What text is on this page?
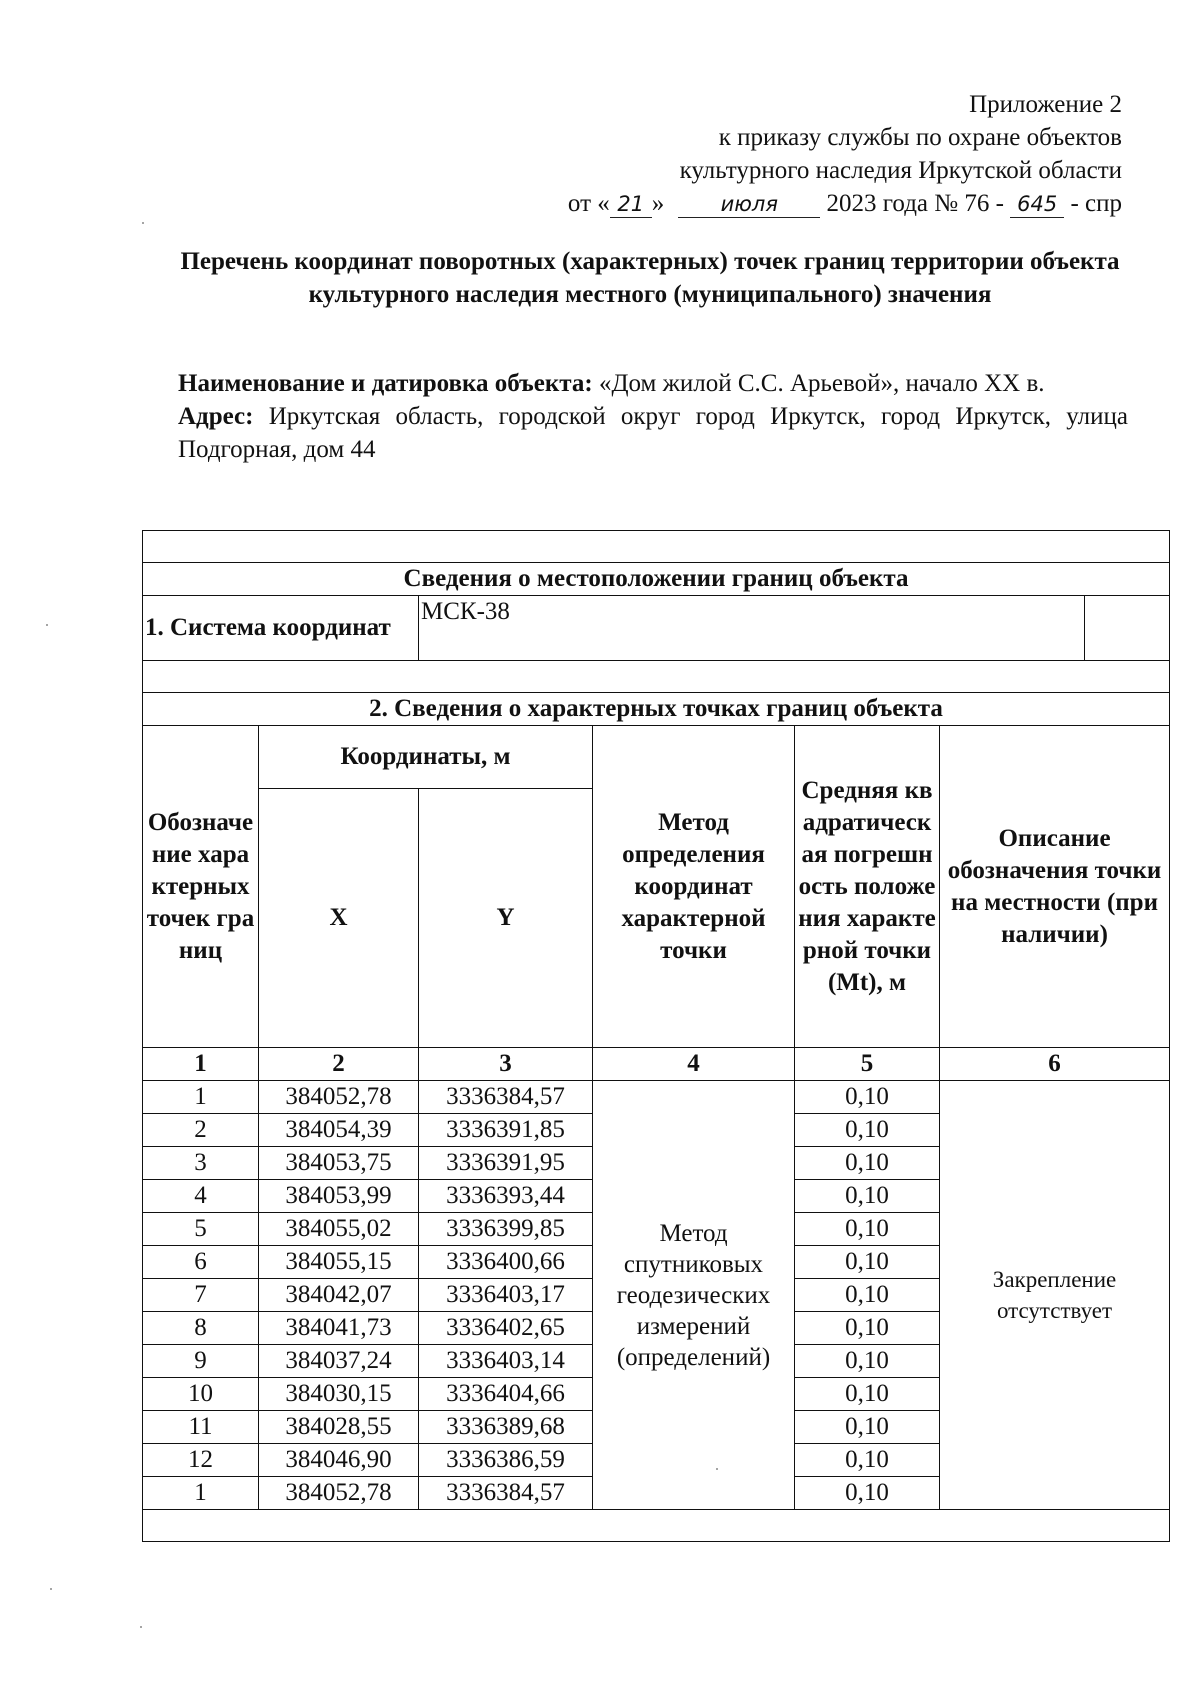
Приложение 2
к приказу службы по охране объектов
культурного наследия Иркутской области
от « 21 »	июля 2023 года № 76 - 645 - спр
Перечень координат поворотных (характерных) точек границ территории объекта культурного наследия местного (муниципального) значения

Наименование и датировка объекта: «Дом жилой С.С. Арьевой», начало XX в.

Адрес: Иркутская область, городской округ город Иркутск, город Иркутск, улица Подгорная, дом 44

Сведения о местоположении границ объекта					
1. Система координат		МСК-38			

2. Сведения о характерных точках границ объекта					
Обозначение характерных точек границ	Координаты, м		Метод определения координат характерной точки	Средняя квадратическая погрешность положения характерной точки (Mt), м	Описание обозначения точки на местности (при наличии)
	X	Y			
1	2	3	4	5	6
1	384052,78	3336384,57	Метод спутниковых геодезических измерений (определений)	0,10	Закрепление отсутствует
2	384054,39	3336391,85		0,10	
3	384053,75	3336391,95		0,10	
4	384053,99	3336393,44		0,10	
5	384055,02	3336399,85		0,10	
6	384055,15	3336400,66		0,10	
7	384042,07	3336403,17		0,10	
8	384041,73	3336402,65		0,10	
9	384037,24	3336403,14		0,10	
10	384030,15	3336404,66		0,10	
11	384028,55	3336389,68		0,10	
12	384046,90	3336386,59		0,10	
1	384052,78	3336384,57		0,10	
